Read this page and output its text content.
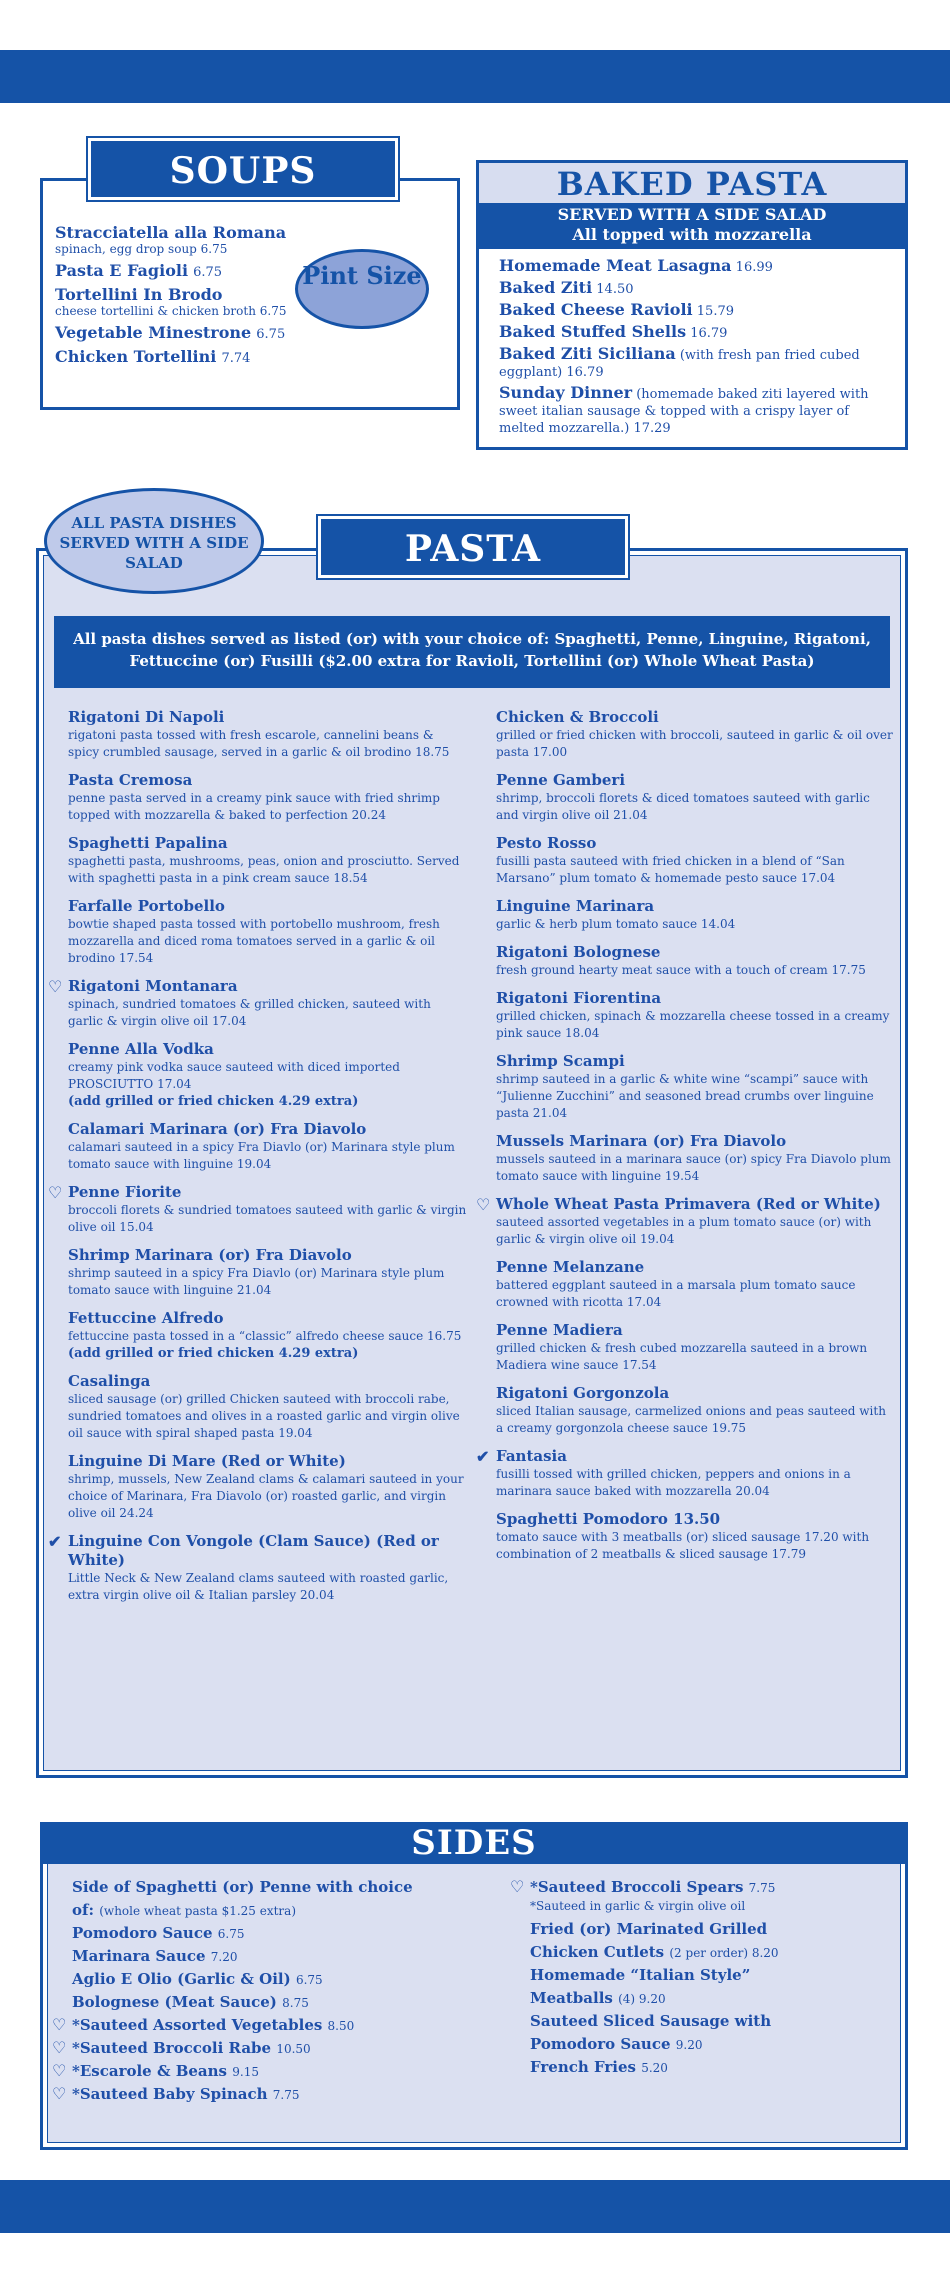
Stracciatella alla Romana
spinach, egg drop soup 6.75
Pasta E Fagioli 6.75
Tortellini In Brodo
cheese tortellini & chicken broth 6.75
Vegetable Minestrone 6.75
Chicken Tortellini 7.74
Pint Size
SOUPS	BAKED PASTA
SERVED WITH A SIDE SALAD
All topped with mozzarella
Homemade Meat Lasagna 16.99
Baked Ziti 14.50
Baked Cheese Ravioli 15.79
Baked Stuffed Shells 16.79
Baked Ziti Siciliana (with fresh pan fried cubed eggplant) 16.79
Sunday Dinner (homemade baked ziti layered with sweet italian sausage & topped with a crispy layer of melted mozzarella.) 17.29
ALL PASTA DISHES SERVED WITH A SIDE SALAD	PASTA
All pasta dishes served as listed (or) with your choice of: Spaghetti, Penne, Linguine, Rigatoni, Fettuccine (or) Fusilli ($2.00 extra for Ravioli, Tortellini (or) Whole Wheat Pasta)
Rigatoni Di Napoli
rigatoni pasta tossed with fresh escarole, cannelini beans & spicy crumbled sausage, served in a garlic & oil brodino 18.75
Pasta Cremosa
penne pasta served in a creamy pink sauce with fried shrimp topped with mozzarella & baked to perfection 20.24
Spaghetti Papalina
spaghetti pasta, mushrooms, peas, onion and prosciutto. Served with spaghetti pasta in a pink cream sauce 18.54
Farfalle Portobello
bowtie shaped pasta tossed with portobello mushroom, fresh mozzarella and diced roma tomatoes served in a garlic & oil brodino 17.54
♡ Rigatoni Montanara
spinach, sundried tomatoes & grilled chicken, sauteed with garlic & virgin olive oil 17.04
Penne Alla Vodka
creamy pink vodka sauce sauteed with diced imported PROSCIUTTO 17.04
(add grilled or fried chicken 4.29 extra)
Calamari Marinara (or) Fra Diavolo
calamari sauteed in a spicy Fra Diavlo (or) Marinara style plum tomato sauce with linguine 19.04
♡ Penne Fiorite
broccoli florets & sundried tomatoes sauteed with garlic & virgin olive oil 15.04
Shrimp Marinara (or) Fra Diavolo
shrimp sauteed in a spicy Fra Diavlo (or) Marinara style plum tomato sauce with linguine 21.04
Fettuccine Alfredo
fettuccine pasta tossed in a “classic” alfredo cheese sauce 16.75
(add grilled or fried chicken 4.29 extra)
Casalinga
sliced sausage (or) grilled Chicken sauteed with broccoli rabe, sundried tomatoes and olives in a roasted garlic and virgin olive oil sauce with spiral shaped pasta 19.04
Linguine Di Mare (Red or White)
shrimp, mussels, New Zealand clams & calamari sauteed in your choice of Marinara, Fra Diavolo (or) roasted garlic, and virgin olive oil 24.24
✔ Linguine Con Vongole (Clam Sauce) (Red or White)
Little Neck & New Zealand clams sauteed with roasted garlic, extra virgin olive oil & Italian parsley 20.04
Chicken & Broccoli
grilled or fried chicken with broccoli, sauteed in garlic & oil over pasta 17.00
Penne Gamberi
shrimp, broccoli florets & diced tomatoes sauteed with garlic and virgin olive oil 21.04
Pesto Rosso
fusilli pasta sauteed with fried chicken in a blend of “San Marsano” plum tomato & homemade pesto sauce 17.04
Linguine Marinara
garlic & herb plum tomato sauce 14.04
Rigatoni Bolognese
fresh ground hearty meat sauce with a touch of cream 17.75
Rigatoni Fiorentina
grilled chicken, spinach & mozzarella cheese tossed in a creamy pink sauce 18.04
Shrimp Scampi
shrimp sauteed in a garlic & white wine “scampi” sauce with “Julienne Zucchini” and seasoned bread crumbs over linguine pasta 21.04
Mussels Marinara (or) Fra Diavolo
mussels sauteed in a marinara sauce (or) spicy Fra Diavolo plum tomato sauce with linguine 19.54
♡ Whole Wheat Pasta Primavera (Red or White)
sauteed assorted vegetables in a plum tomato sauce (or) with garlic & virgin olive oil 19.04
Penne Melanzane
battered eggplant sauteed in a marsala plum tomato sauce crowned with ricotta 17.04
Penne Madiera
grilled chicken & fresh cubed mozzarella sauteed in a brown Madiera wine sauce 17.54
Rigatoni Gorgonzola
sliced Italian sausage, carmelized onions and peas sauteed with a creamy gorgonzola cheese sauce 19.75
✔ Fantasia
fusilli tossed with grilled chicken, peppers and onions in a marinara sauce baked with mozzarella 20.04
Spaghetti Pomodoro 13.50
tomato sauce with 3 meatballs (or) sliced sausage 17.20 with combination of 2 meatballs & sliced sausage 17.79
SIDES
Side of Spaghetti (or) Penne with choice
of: (whole wheat pasta $1.25 extra)
Pomodoro Sauce 6.75
Marinara Sauce 7.20
Aglio E Olio (Garlic & Oil) 6.75
Bolognese (Meat Sauce) 8.75
♡ *Sauteed Assorted Vegetables 8.50
♡ *Sauteed Broccoli Rabe 10.50
♡ *Escarole & Beans 9.15
♡ *Sauteed Baby Spinach 7.75
♡ *Sauteed Broccoli Spears 7.75
*Sauteed in garlic & virgin olive oil
Fried (or) Marinated Grilled
Chicken Cutlets (2 per order) 8.20
Homemade “Italian Style”
Meatballs (4) 9.20
Sauteed Sliced Sausage with
Pomodoro Sauce 9.20
French Fries 5.20
